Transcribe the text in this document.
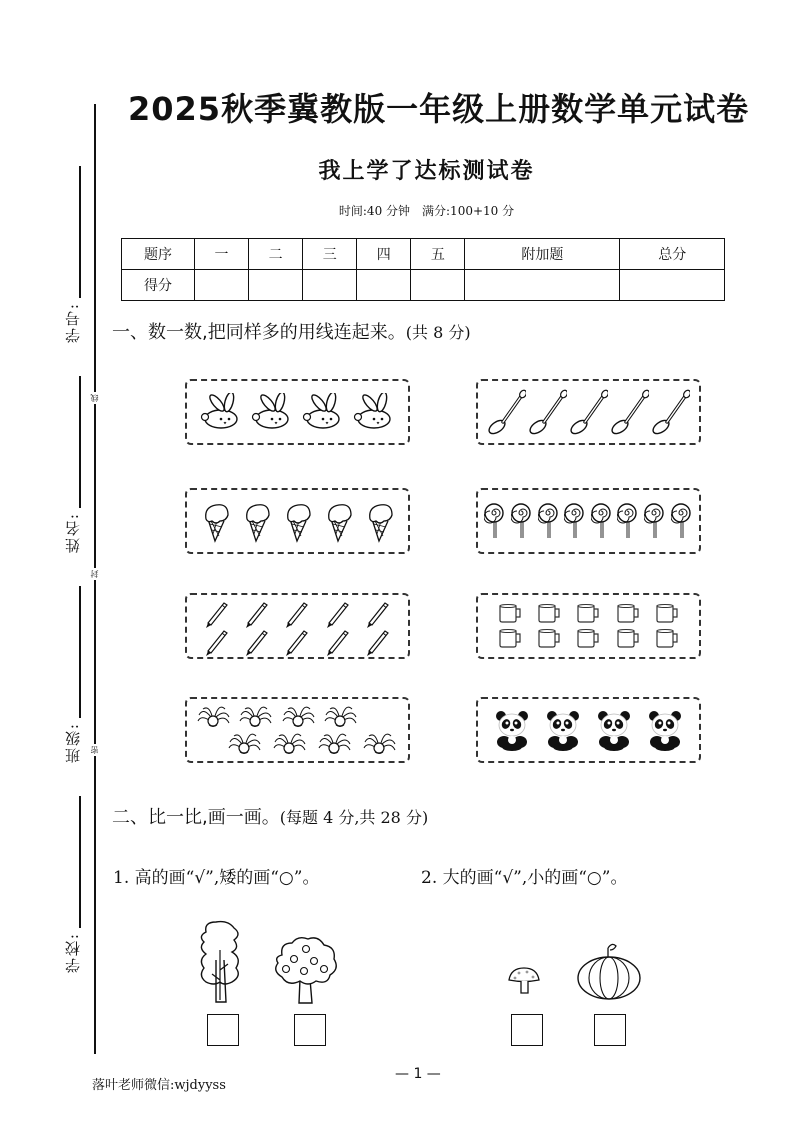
学号:
姓名:
班级:
学校:
线
封
密
2025秋季冀教版一年级上册数学单元试卷
我上学了达标测试卷
时间:40 分钟　满分:100+10 分
题序	一	二	三	四	五	附加题	总分
得分							
一、数一数,把同样多的用线连起来。(共 8 分)
二、比一比,画一画。(每题 4 分,共 28 分)
1. 高的画“√”,矮的画“○”。	2. 大的画“√”,小的画“○”。
落叶老师微信:wjdyyss
— 1 —
